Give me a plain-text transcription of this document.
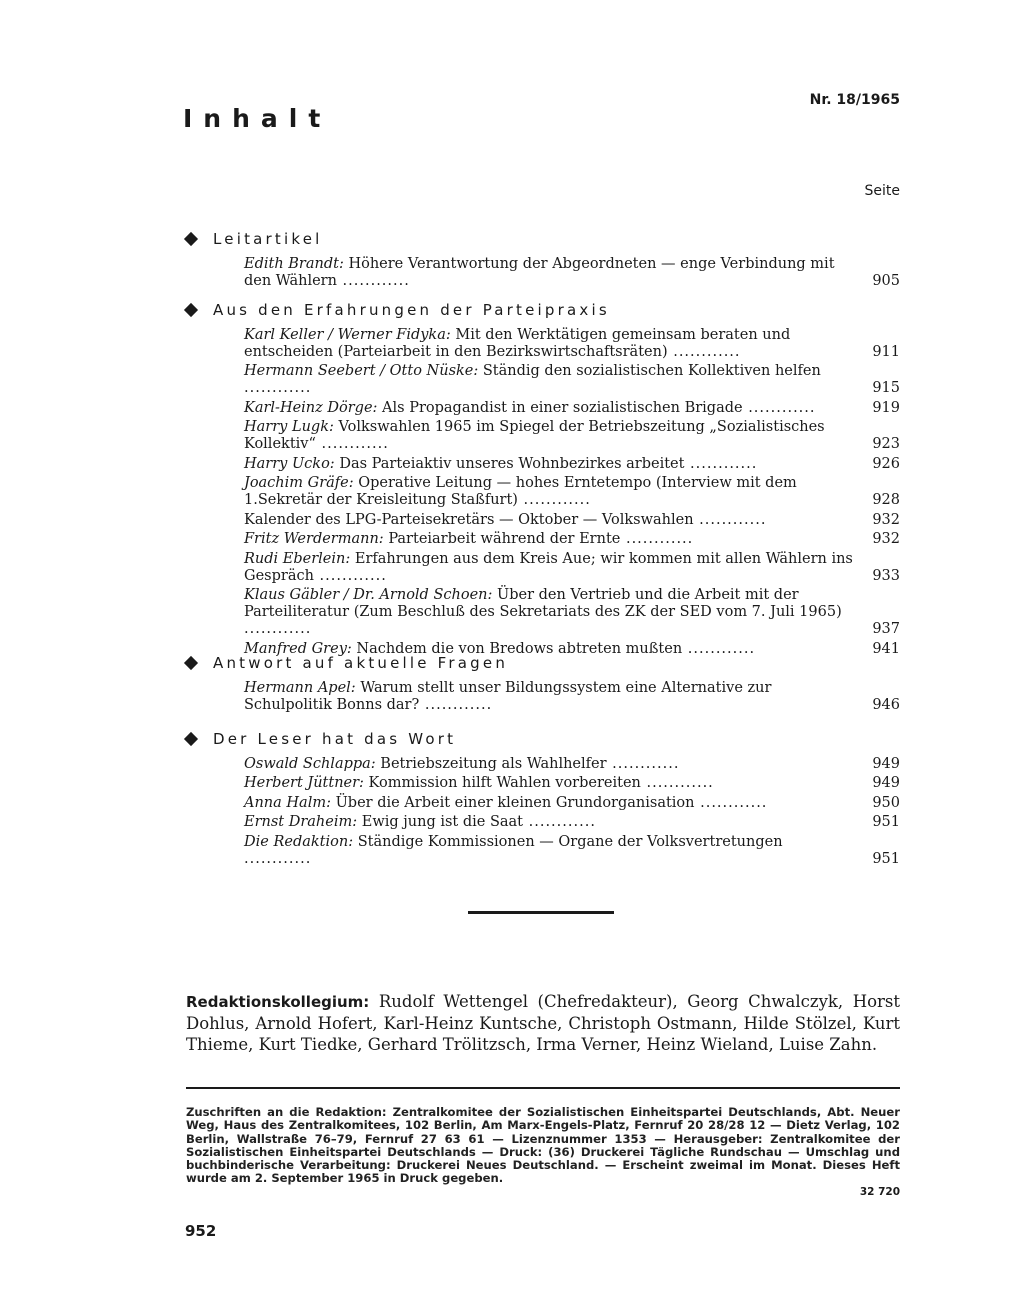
Inhalt
Nr. 18/1965
Seite
Leitartikel
Edith Brandt: Höhere Verantwortung der Abgeordneten — enge Verbindung mit den Wählern ............	905
Aus den Erfahrungen der Parteipraxis
Karl Keller / Werner Fidyka: Mit den Werktätigen gemeinsam beraten und entscheiden (Parteiarbeit in den Bezirkswirtschaftsräten) ............	911
Hermann Seebert / Otto Nüske: Ständig den sozialistischen Kollektiven helfen ............	915
Karl-Heinz Dörge: Als Propagandist in einer sozialistischen Brigade ............	919
Harry Lugk: Volkswahlen 1965 im Spiegel der Betriebszeitung „Sozialistisches Kollektiv“ ............	923
Harry Ucko: Das Parteiaktiv unseres Wohnbezirkes arbeitet ............	926
Joachim Gräfe: Operative Leitung — hohes Erntetempo (Interview mit dem 1.Sekretär der Kreisleitung Staßfurt) ............	928
Kalender des LPG-Parteisekretärs — Oktober — Volkswahlen ............	932
Fritz Werdermann: Parteiarbeit während der Ernte ............	932
Rudi Eberlein: Erfahrungen aus dem Kreis Aue; wir kommen mit allen Wählern ins Gespräch ............	933
Klaus Gäbler / Dr. Arnold Schoen: Über den Vertrieb und die Arbeit mit der Parteiliteratur (Zum Beschluß des Sekretariats des ZK der SED vom 7. Juli 1965) ............	937
Manfred Grey: Nachdem die von Bredows abtreten mußten ............	941
Antwort auf aktuelle Fragen
Hermann Apel: Warum stellt unser Bildungssystem eine Alternative zur Schulpolitik Bonns dar? ............	946
Der Leser hat das Wort
Oswald Schlappa: Betriebszeitung als Wahlhelfer ............	949
Herbert Jüttner: Kommission hilft Wahlen vorbereiten ............	949
Anna Halm: Über die Arbeit einer kleinen Grundorganisation ............	950
Ernst Draheim: Ewig jung ist die Saat ............	951
Die Redaktion: Ständige Kommissionen — Organe der Volksvertretungen ............	951
Redaktionskollegium: Rudolf Wettengel (Chefredakteur), Georg Chwalczyk, Horst Dohlus, Arnold Hofert, Karl-Heinz Kuntsche, Christoph Ostmann, Hilde Stölzel, Kurt Thieme, Kurt Tiedke, Gerhard Trölitzsch, Irma Verner, Heinz Wieland, Luise Zahn.
Zuschriften an die Redaktion: Zentralkomitee der Sozialistischen Einheitspartei Deutschlands, Abt. Neuer Weg, Haus des Zentralkomitees, 102 Berlin, Am Marx-Engels-Platz, Fernruf 20 28/28 12 — Dietz Verlag, 102 Berlin, Wallstraße 76–79, Fernruf 27 63 61 — Lizenznummer 1353 — Herausgeber: Zentralkomitee der Sozialistischen Einheitspartei Deutschlands — Druck: (36) Druckerei Tägliche Rundschau — Umschlag und buchbinderische Verarbeitung: Druckerei Neues Deutschland. — Erscheint zweimal im Monat. Dieses Heft wurde am 2. September 1965 in Druck gegeben.
32 720
952
